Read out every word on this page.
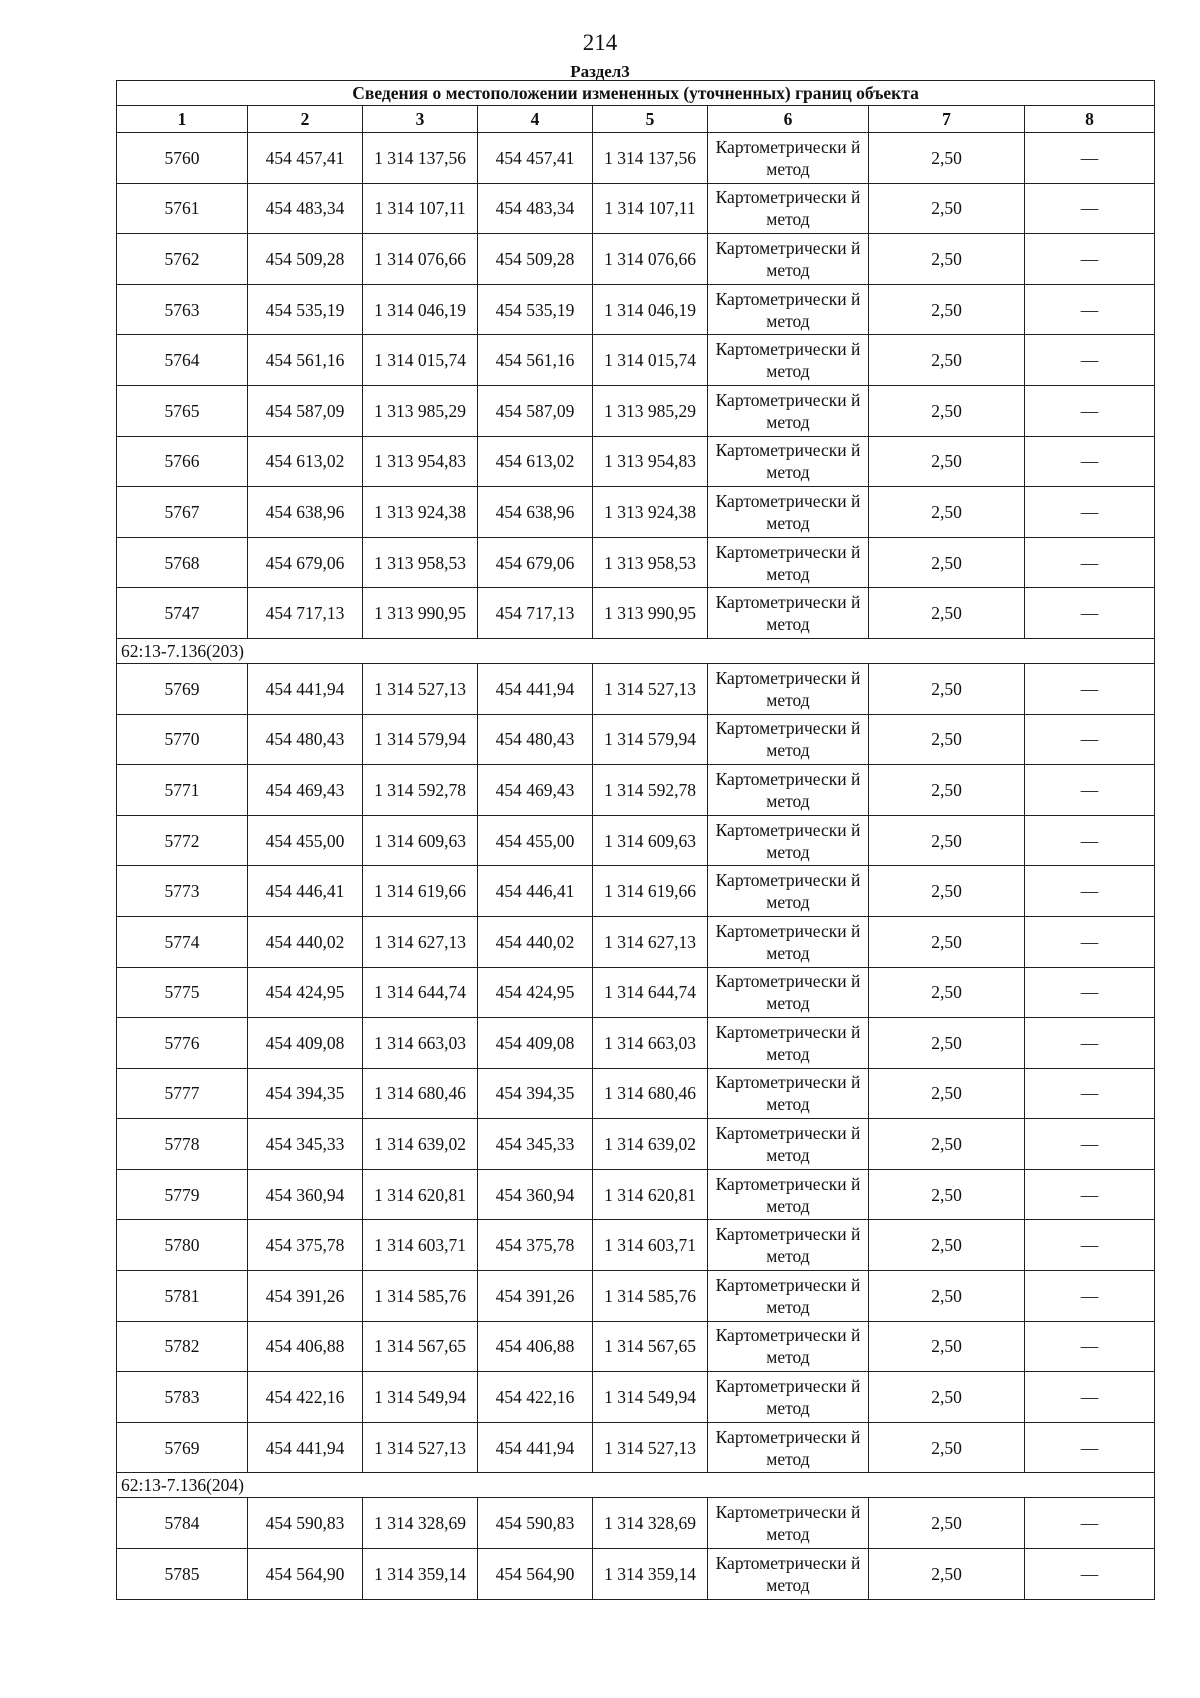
214
Раздел3
Сведения о местоположении измененных (уточненных) границ объекта							
1	2	3	4	5	6	7	8
5760	454 457,41	1 314 137,56	454 457,41	1 314 137,56	Картометрически й метод	2,50	—
5761	454 483,34	1 314 107,11	454 483,34	1 314 107,11	Картометрически й метод	2,50	—
5762	454 509,28	1 314 076,66	454 509,28	1 314 076,66	Картометрически й метод	2,50	—
5763	454 535,19	1 314 046,19	454 535,19	1 314 046,19	Картометрически й метод	2,50	—
5764	454 561,16	1 314 015,74	454 561,16	1 314 015,74	Картометрически й метод	2,50	—
5765	454 587,09	1 313 985,29	454 587,09	1 313 985,29	Картометрически й метод	2,50	—
5766	454 613,02	1 313 954,83	454 613,02	1 313 954,83	Картометрически й метод	2,50	—
5767	454 638,96	1 313 924,38	454 638,96	1 313 924,38	Картометрически й метод	2,50	—
5768	454 679,06	1 313 958,53	454 679,06	1 313 958,53	Картометрически й метод	2,50	—
5747	454 717,13	1 313 990,95	454 717,13	1 313 990,95	Картометрически й метод	2,50	—
62:13-7.136(203)							
5769	454 441,94	1 314 527,13	454 441,94	1 314 527,13	Картометрически й метод	2,50	—
5770	454 480,43	1 314 579,94	454 480,43	1 314 579,94	Картометрически й метод	2,50	—
5771	454 469,43	1 314 592,78	454 469,43	1 314 592,78	Картометрически й метод	2,50	—
5772	454 455,00	1 314 609,63	454 455,00	1 314 609,63	Картометрически й метод	2,50	—
5773	454 446,41	1 314 619,66	454 446,41	1 314 619,66	Картометрически й метод	2,50	—
5774	454 440,02	1 314 627,13	454 440,02	1 314 627,13	Картометрически й метод	2,50	—
5775	454 424,95	1 314 644,74	454 424,95	1 314 644,74	Картометрически й метод	2,50	—
5776	454 409,08	1 314 663,03	454 409,08	1 314 663,03	Картометрически й метод	2,50	—
5777	454 394,35	1 314 680,46	454 394,35	1 314 680,46	Картометрически й метод	2,50	—
5778	454 345,33	1 314 639,02	454 345,33	1 314 639,02	Картометрически й метод	2,50	—
5779	454 360,94	1 314 620,81	454 360,94	1 314 620,81	Картометрически й метод	2,50	—
5780	454 375,78	1 314 603,71	454 375,78	1 314 603,71	Картометрически й метод	2,50	—
5781	454 391,26	1 314 585,76	454 391,26	1 314 585,76	Картометрически й метод	2,50	—
5782	454 406,88	1 314 567,65	454 406,88	1 314 567,65	Картометрически й метод	2,50	—
5783	454 422,16	1 314 549,94	454 422,16	1 314 549,94	Картометрически й метод	2,50	—
5769	454 441,94	1 314 527,13	454 441,94	1 314 527,13	Картометрически й метод	2,50	—
62:13-7.136(204)							
5784	454 590,83	1 314 328,69	454 590,83	1 314 328,69	Картометрически й метод	2,50	—
5785	454 564,90	1 314 359,14	454 564,90	1 314 359,14	Картометрически й метод	2,50	—
